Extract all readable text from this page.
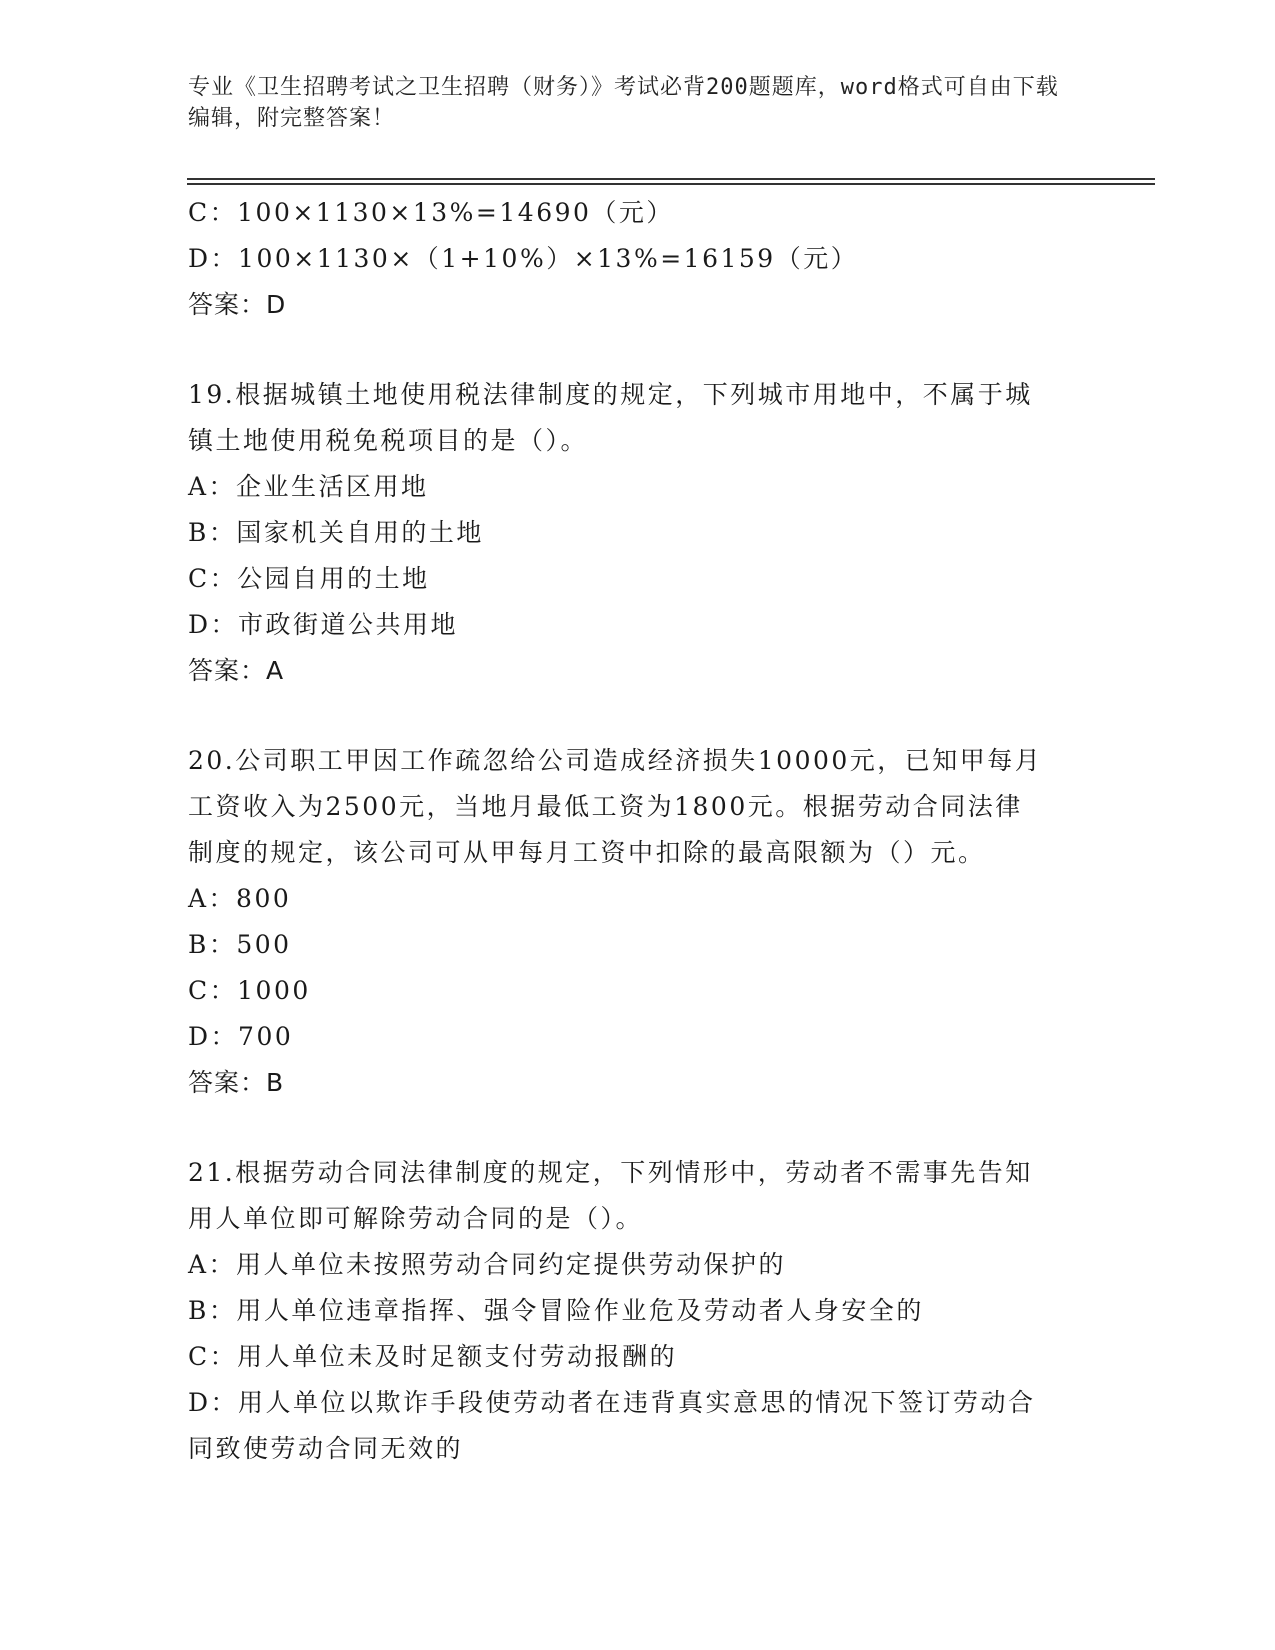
专业《卫生招聘考试之卫生招聘（财务）》考试必背200题题库，word格式可自由下载编辑，附完整答案！
C：100×1130×13%=14690（元）
D：100×1130×（1+10%）×13%=16159（元）
答案：D
19.根据城镇土地使用税法律制度的规定，下列城市用地中，不属于城
镇土地使用税免税项目的是（）。
A：企业生活区用地
B：国家机关自用的土地
C：公园自用的土地
D：市政街道公共用地
答案：A
20.公司职工甲因工作疏忽给公司造成经济损失10000元，已知甲每月
工资收入为2500元，当地月最低工资为1800元。根据劳动合同法律
制度的规定，该公司可从甲每月工资中扣除的最高限额为（）元。
A：800
B：500
C：1000
D：700
答案：B
21.根据劳动合同法律制度的规定，下列情形中，劳动者不需事先告知
用人单位即可解除劳动合同的是（）。
A：用人单位未按照劳动合同约定提供劳动保护的
B：用人单位违章指挥、强令冒险作业危及劳动者人身安全的
C：用人单位未及时足额支付劳动报酬的
D：用人单位以欺诈手段使劳动者在违背真实意思的情况下签订劳动合
同致使劳动合同无效的
